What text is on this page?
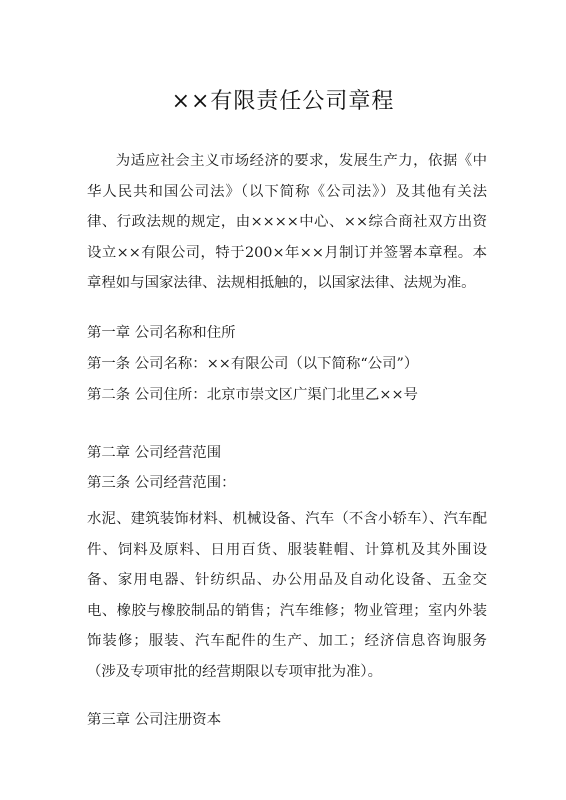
××有限责任公司章程

为适应社会主义市场经济的要求，发展生产力，依据《中华人民共和国公司法》（以下简称《公司法》）及其他有关法律、行政法规的规定，由××××中心、××综合商社双方出资设立××有限公司，特于200×年××月制订并签署本章程。本章程如与国家法律、法规相抵触的，以国家法律、法规为准。

第一章 公司名称和住所

第一条 公司名称：××有限公司（以下简称“公司”）

第二条 公司住所：北京市崇文区广渠门北里乙××号

第二章 公司经营范围

第三条 公司经营范围：

水泥、建筑装饰材料、机械设备、汽车（不含小轿车）、汽车配件、饲料及原料、日用百货、服装鞋帽、计算机及其外围设备、家用电器、针纺织品、办公用品及自动化设备、五金交电、橡胶与橡胶制品的销售；汽车维修；物业管理；室内外装饰装修；服装、汽车配件的生产、加工；经济信息咨询服务（涉及专项审批的经营期限以专项审批为准）。

第三章 公司注册资本
